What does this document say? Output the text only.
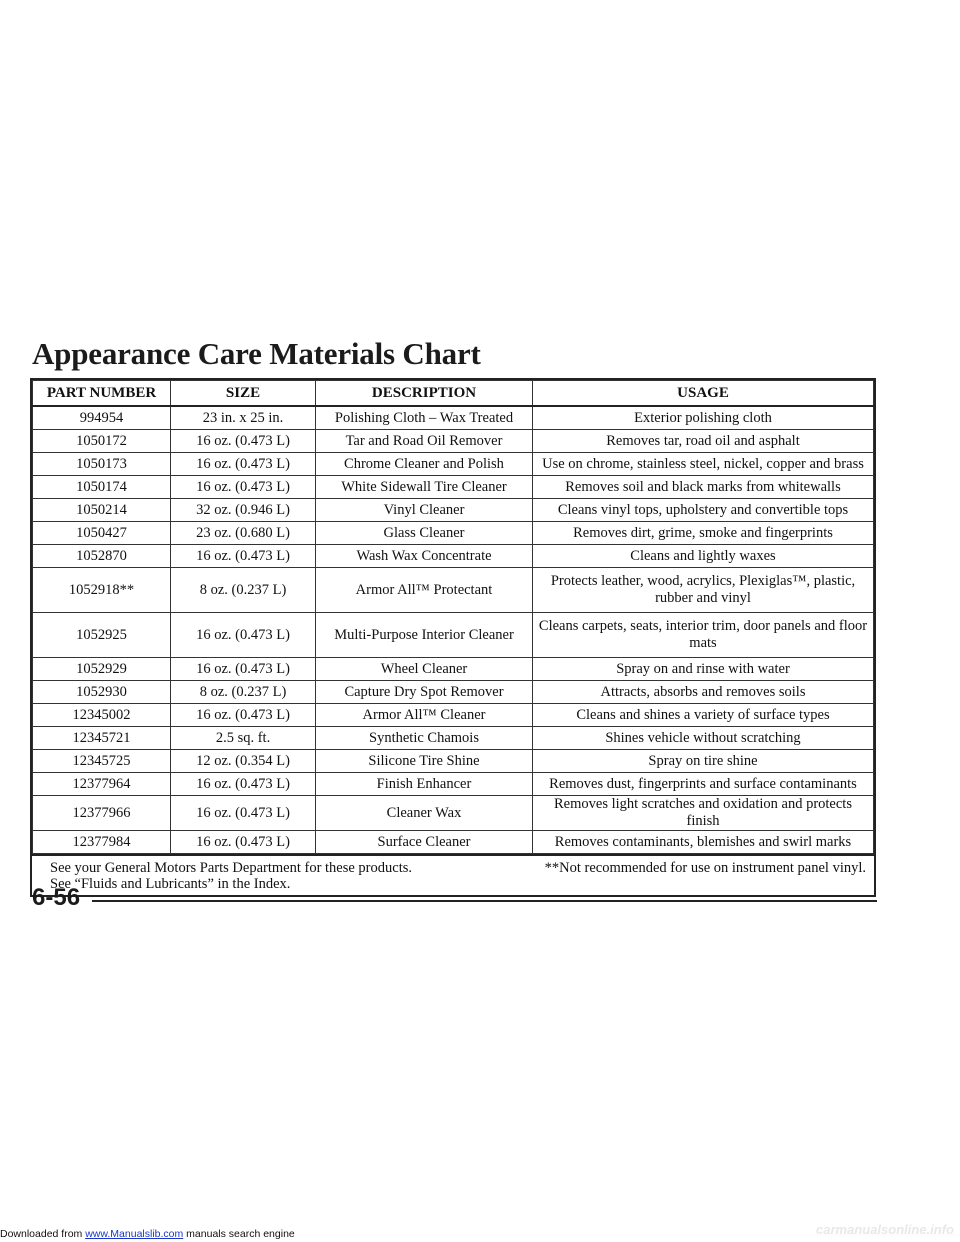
Appearance Care Materials Chart
PART NUMBER	SIZE	DESCRIPTION	USAGE
994954	23 in. x 25 in.	Polishing Cloth – Wax Treated	Exterior polishing cloth
1050172	16 oz. (0.473 L)	Tar and Road Oil Remover	Removes tar, road oil and asphalt
1050173	16 oz. (0.473 L)	Chrome Cleaner and Polish	Use on chrome, stainless steel, nickel, copper and brass
1050174	16 oz. (0.473 L)	White Sidewall Tire Cleaner	Removes soil and black marks from whitewalls
1050214	32 oz. (0.946 L)	Vinyl Cleaner	Cleans vinyl tops, upholstery and convertible tops
1050427	23 oz. (0.680 L)	Glass Cleaner	Removes dirt, grime, smoke and fingerprints
1052870	16 oz. (0.473 L)	Wash Wax Concentrate	Cleans and lightly waxes
1052918**	8 oz. (0.237 L)	Armor All™ Protectant	Protects leather, wood, acrylics, Plexiglas™, plastic, rubber and vinyl
1052925	16 oz. (0.473 L)	Multi-Purpose Interior Cleaner	Cleans carpets, seats, interior trim, door panels and floor mats
1052929	16 oz. (0.473 L)	Wheel Cleaner	Spray on and rinse with water
1052930	8 oz. (0.237 L)	Capture Dry Spot Remover	Attracts, absorbs and removes soils
12345002	16 oz. (0.473 L)	Armor All™ Cleaner	Cleans and shines a variety of surface types
12345721	2.5 sq. ft.	Synthetic Chamois	Shines vehicle without scratching
12345725	12 oz. (0.354 L)	Silicone Tire Shine	Spray on tire shine
12377964	16 oz. (0.473 L)	Finish Enhancer	Removes dust, fingerprints and surface contaminants
12377966	16 oz. (0.473 L)	Cleaner Wax	Removes light scratches and oxidation and protects finish
12377984	16 oz. (0.473 L)	Surface Cleaner	Removes contaminants, blemishes and swirl marks
See your General Motors Parts Department for these products.
See “Fluids and Lubricants” in the Index.
**Not recommended for use on instrument panel vinyl.
6-56
Downloaded from www.Manualslib.com manuals search engine	carmanualsonline.info
